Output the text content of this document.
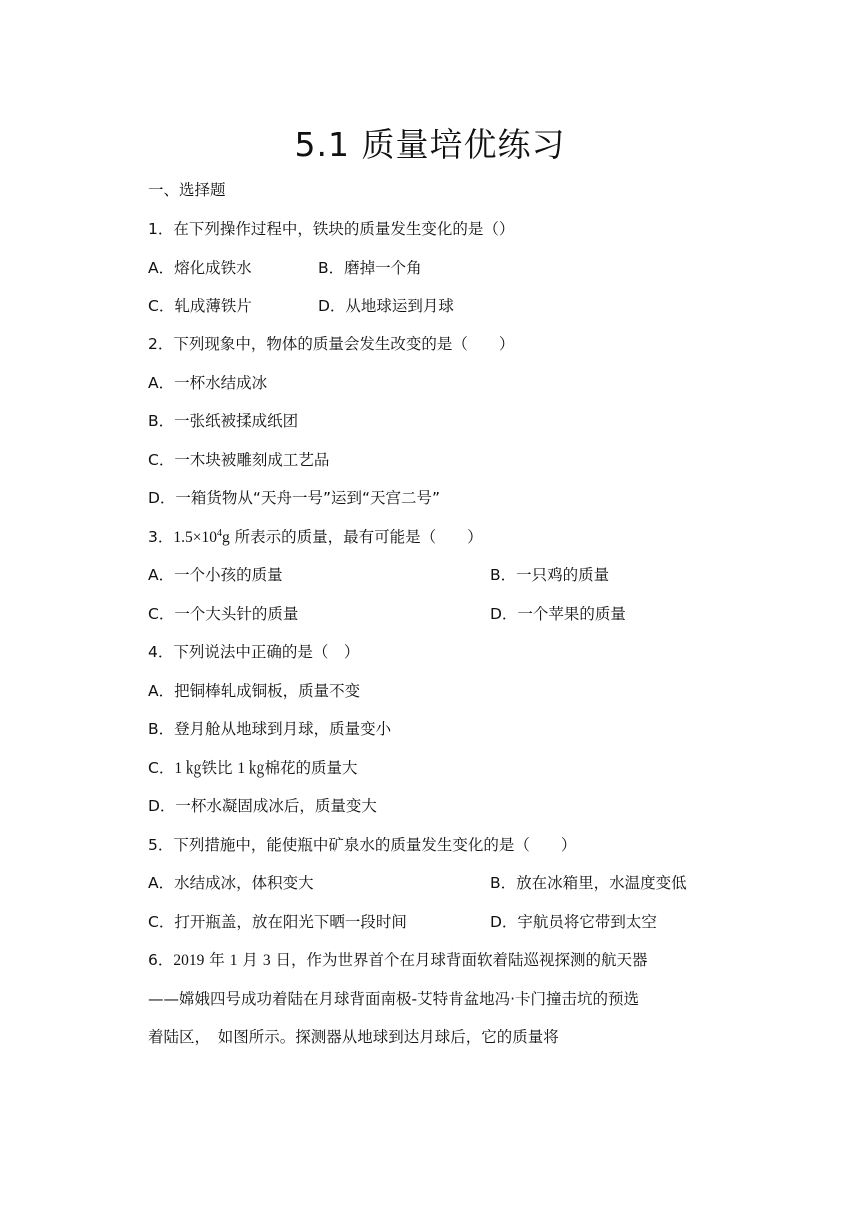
5.1 质量培优练习
一、选择题
1．在下列操作过程中，铁块的质量发生变化的是（）
A．熔化成铁水	B．磨掉一个角
C．轧成薄铁片	D．从地球运到月球
2．下列现象中，物体的质量会发生改变的是（　　）
A．一杯水结成冰
B．一张纸被揉成纸团
C．一木块被雕刻成工艺品
D．一箱货物从“天舟一号”运到“天宫二号”
3．$1.5\times 10^4g$ 所表示的质量，最有可能是（　　）
A．一个小孩的质量	B．一只鸡的质量
C．一个大头针的质量	D．一个苹果的质量
4．下列说法中正确的是（　）
A．把铜棒轧成铜板，质量不变
B．登月舱从地球到月球，质量变小
C．1 ㎏铁比 1 ㎏棉花的质量大
D．一杯水凝固成冰后，质量变大
5．下列措施中，能使瓶中矿泉水的质量发生变化的是（　　）
A．水结成冰，体积变大	B．放在冰箱里，水温度变低
C．打开瓶盖，放在阳光下晒一段时间	D．宇航员将它带到太空
6．2019 年 1 月 3 日，作为世界首个在月球背面软着陆巡视探测的航天器
——嫦娥四号成功着陆在月球背面南极-艾特肯盆地冯·卡门撞击坑的预选
着陆区，　如图所示。探测器从地球到达月球后，它的质量将
